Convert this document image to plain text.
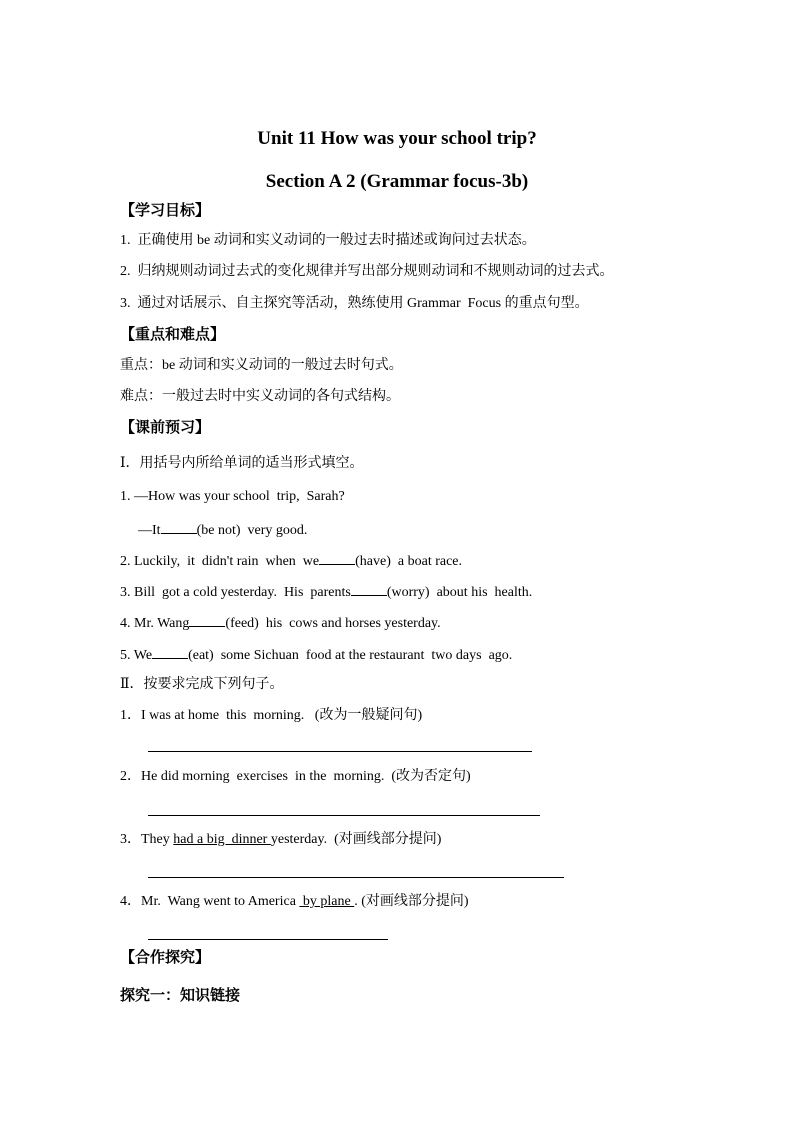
Unit 11 How was your school trip?
Section A 2 (Grammar focus-3b)
【学习目标】
1.  正确使用 be 动词和实义动词的一般过去时描述或询问过去状态。
2.  归纳规则动词过去式的变化规律并写出部分规则动词和不规则动词的过去式。
3.  通过对话展示、自主探究等活动，熟练使用 Grammar  Focus 的重点句型。
【重点和难点】
重点：be 动词和实义动词的一般过去时句式。
难点：一般过去时中实义动词的各句式结构。
【课前预习】
Ⅰ．用括号内所给单词的适当形式填空。
1. —How was your school  trip,  Sarah?
—It	(be not)  very good.
2. Luckily,  it  didn't rain  when  we	(have)  a boat race.
3. Bill  got a cold yesterday.  His  parents	(worry)  about his  health.
4. Mr. Wang	(feed)  his  cows and horses yesterday.
5. We	(eat)  some Sichuan  food at the restaurant  two days  ago.
Ⅱ．按要求完成下列句子。
1．I was at home  this  morning.   (改为一般疑问句)
2．He did morning  exercises  in the  morning.  (改为否定句)
3．They had a big  dinner yesterday.  (对画线部分提问)
4．Mr.  Wang went to America  by plane . (对画线部分提问)
【合作探究】
探究一：知识链接
